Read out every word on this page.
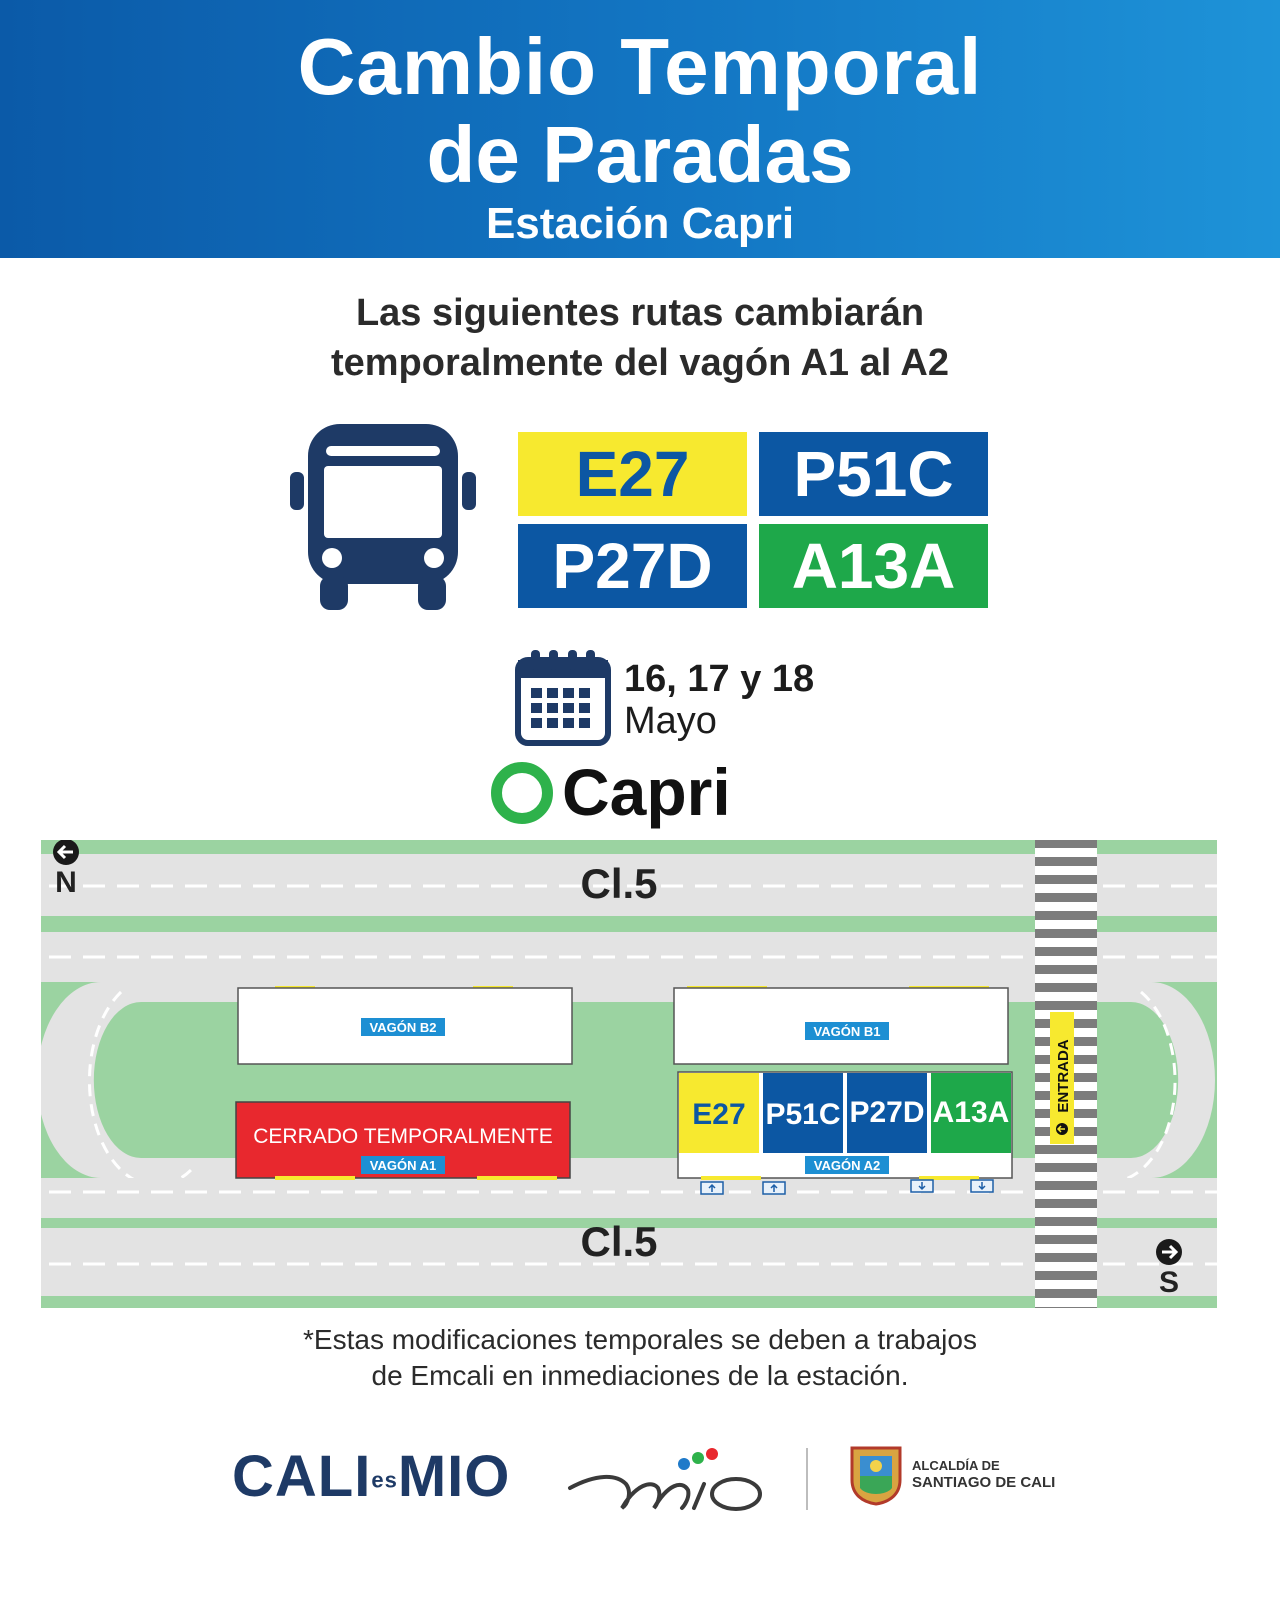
Cambio Temporal
de Paradas
Estación Capri
Las siguientes rutas cambiarán
temporalmente del vagón A1 al A2
E27	P51C
P27D	A13A
16, 17 y 18
Mayo
Capri
Cl.5
Cl.5
N
S
VAGÓN B2	VAGÓN B1
CERRADO TEMPORALMENTE
VAGÓN A1
E27 P51C P27D A13A
VAGÓN A2
ENTRADA
*Estas modificaciones temporales se deben a trabajos
de Emcali en inmediaciones de la estación.
CALIesMIO	ALCALDÍA DE
SANTIAGO DE CALI
